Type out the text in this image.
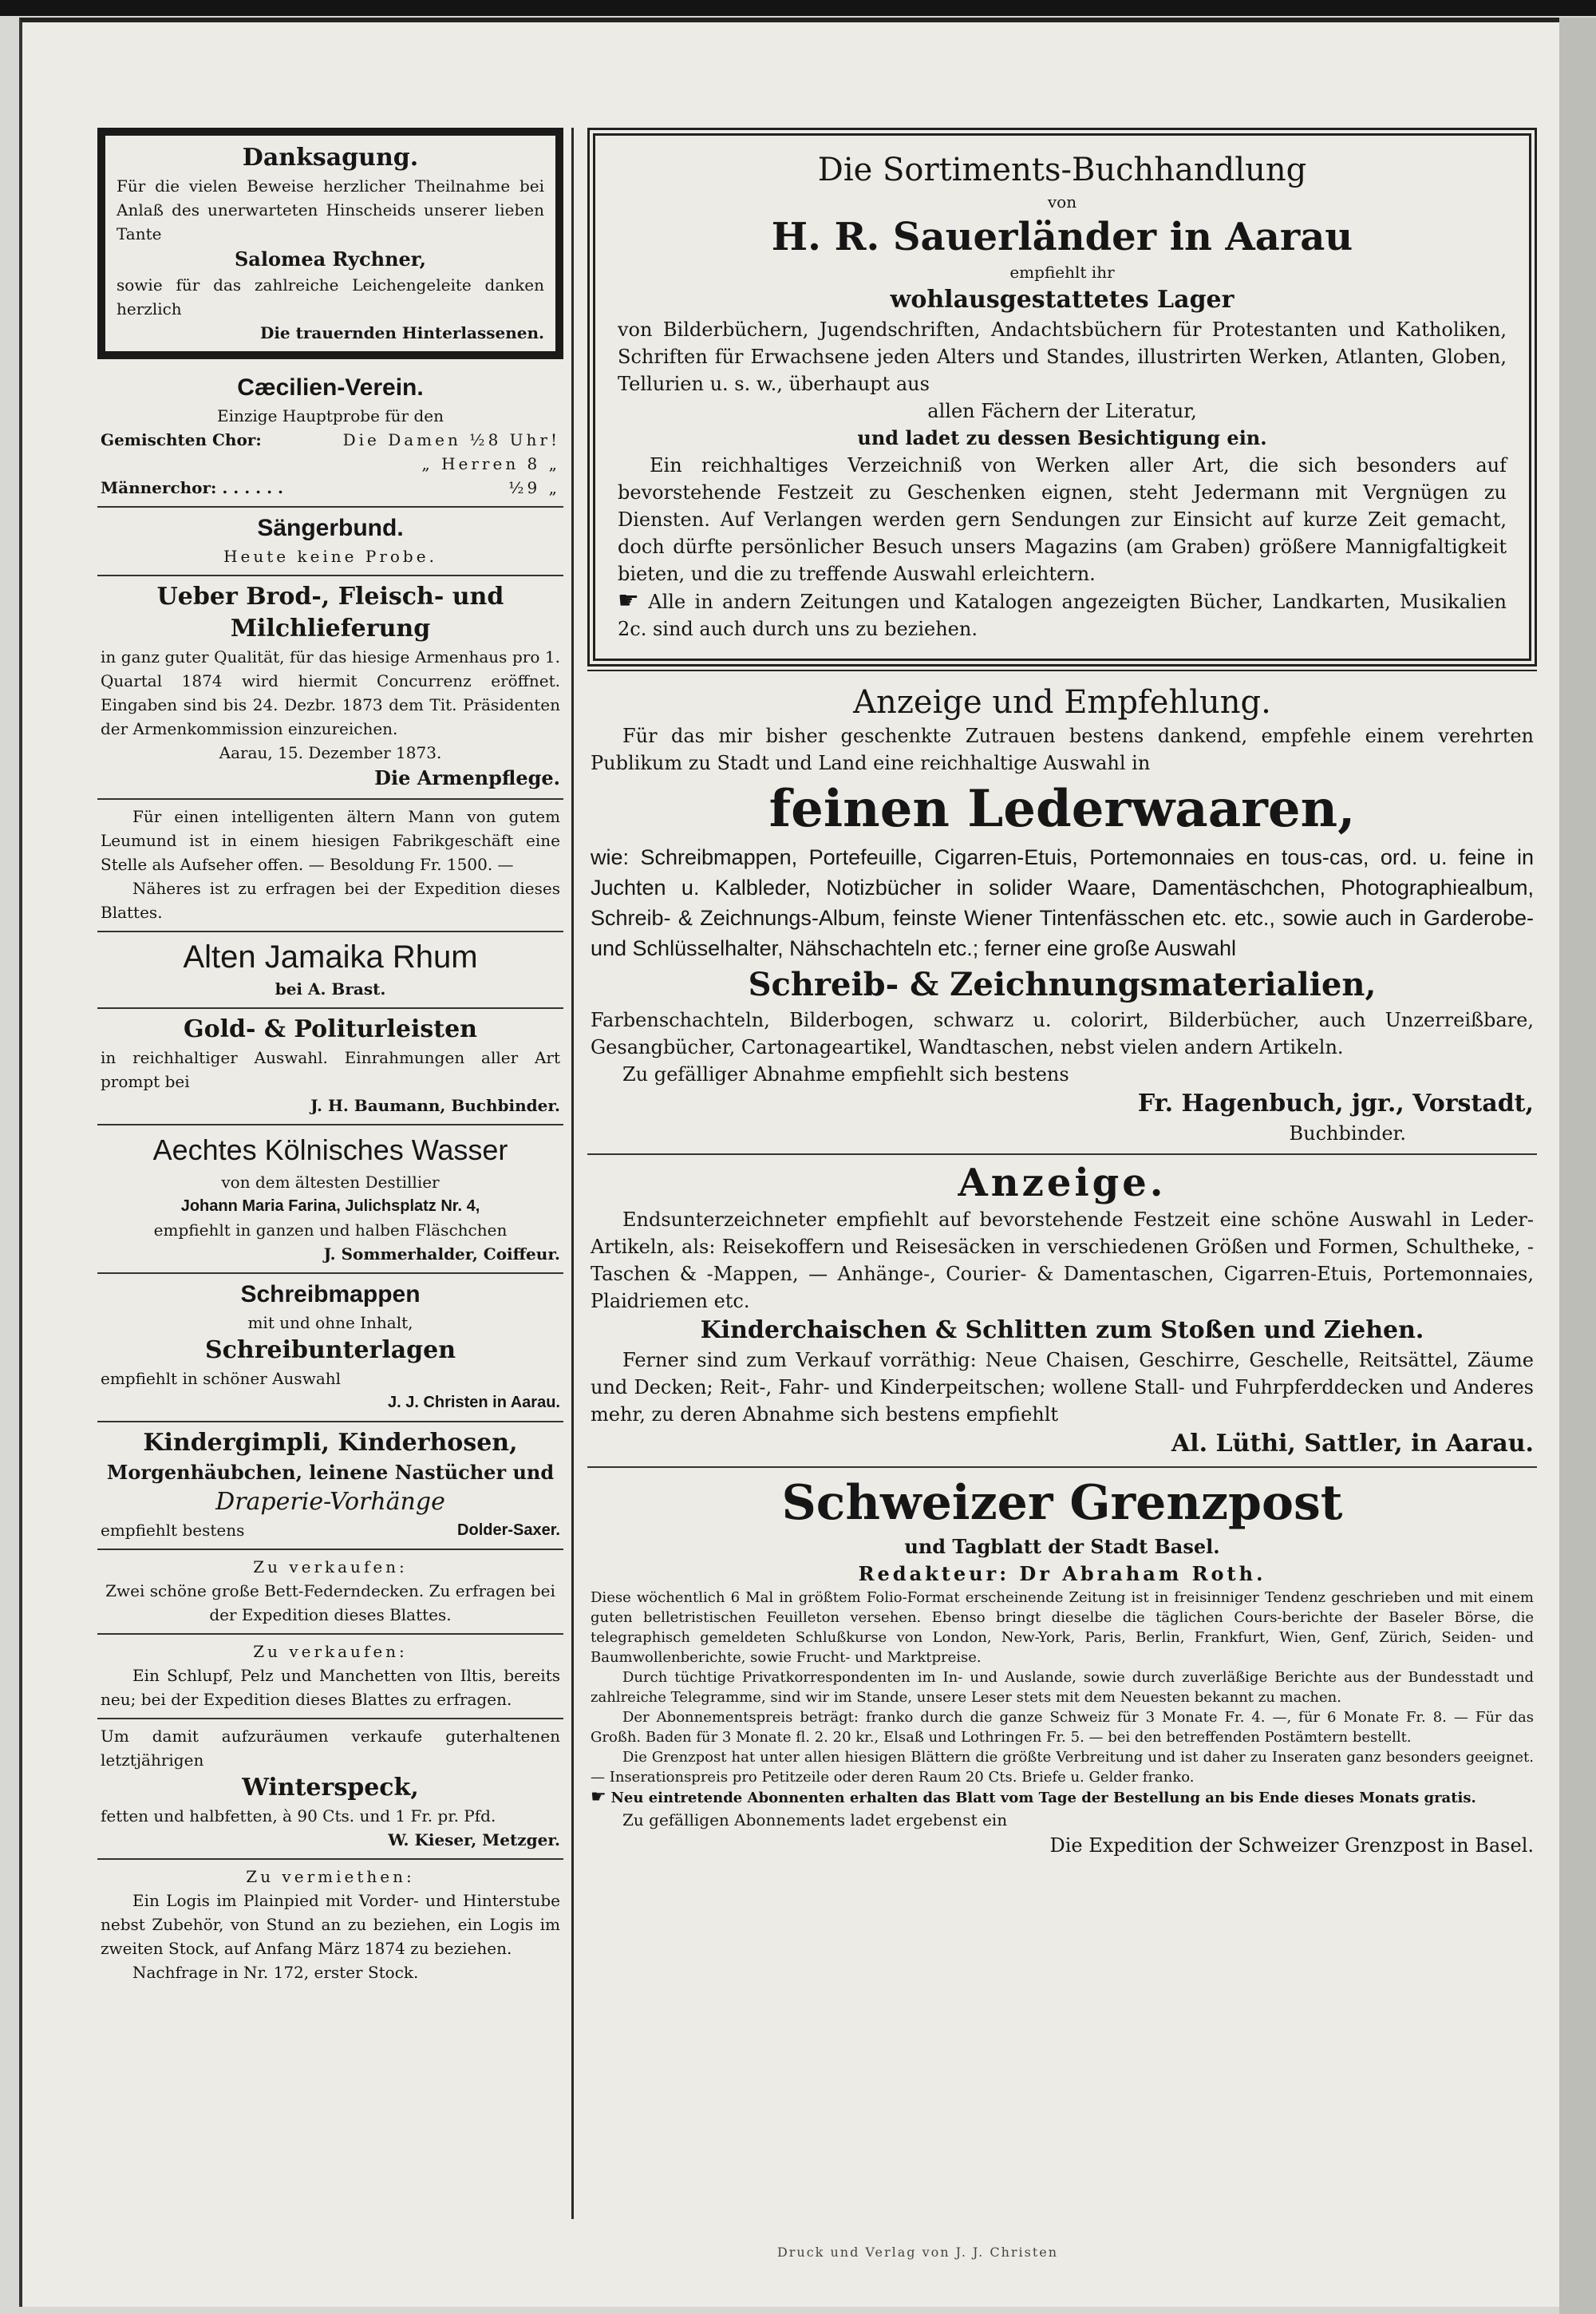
Danksagung.
Für die vielen Beweise herzlicher Theilnahme bei Anlaß des unerwarteten Hinscheids unserer lieben Tante
Salomea Rychner,
sowie für das zahlreiche Leichengeleite danken herzlich
Die trauernden Hinterlassenen.
Cæcilien-Verein.
Einzige Hauptprobe für den
Gemischten Chor:	Die Damen ½8 Uhr!
„ Herren 8 „
Männerchor: . . . . . .	½9 „
Sängerbund.
Heute keine Probe.
Ueber Brod-, Fleisch- und
Milchlieferung
in ganz guter Qualität, für das hiesige Armenhaus pro 1. Quartal 1874 wird hiermit Concurrenz eröffnet. Eingaben sind bis 24. Dezbr. 1873 dem Tit. Präsidenten der Armenkommission einzureichen.
Aarau, 15. Dezember 1873.
Die Armenpflege.
Für einen intelligenten ältern Mann von gutem Leumund ist in einem hiesigen Fabrikgeschäft eine Stelle als Aufseher offen. — Besoldung Fr. 1500. —
Näheres ist zu erfragen bei der Expedition dieses Blattes.
Alten Jamaika Rhum
bei A. Brast.
Gold- & Politurleisten
in reichhaltiger Auswahl. Einrahmungen aller Art prompt bei
J. H. Baumann, Buchbinder.
Aechtes Kölnisches Wasser
von dem ältesten Destillier
Johann Maria Farina, Julichsplatz Nr. 4,
empfiehlt in ganzen und halben Fläschchen
J. Sommerhalder, Coiffeur.
Schreibmappen
mit und ohne Inhalt,
Schreibunterlagen
empfiehlt in schöner Auswahl
J. J. Christen in Aarau.
Kindergimpli, Kinderhosen,
Morgenhäubchen, leinene Nastücher und
Draperie-Vorhänge
empfiehlt bestens	Dolder-Saxer.
Zu verkaufen:
Zwei schöne große Bett-Federndecken. Zu erfragen bei der Expedition dieses Blattes.
Zu verkaufen:
Ein Schlupf, Pelz und Manchetten von Iltis, bereits neu; bei der Expedition dieses Blattes zu erfragen.
Um damit aufzuräumen verkaufe guterhaltenen letztjährigen
Winterspeck,
fetten und halbfetten, à 90 Cts. und 1 Fr. pr. Pfd.
W. Kieser, Metzger.
Zu vermiethen:
Ein Logis im Plainpied mit Vorder- und Hinterstube nebst Zubehör, von Stund an zu beziehen, ein Logis im zweiten Stock, auf Anfang März 1874 zu beziehen.
Nachfrage in Nr. 172, erster Stock.
Die Sortiments-Buchhandlung
von
H. R. Sauerländer in Aarau
empfiehlt ihr
wohlausgestattetes Lager
von Bilderbüchern, Jugendschriften, Andachtsbüchern für Protestanten und Katholiken, Schriften für Erwachsene jeden Alters und Standes, illustrirten Werken, Atlanten, Globen, Tellurien u. s. w., überhaupt aus
allen Fächern der Literatur,
und ladet zu dessen Besichtigung ein.
Ein reichhaltiges Verzeichniß von Werken aller Art, die sich besonders auf bevorstehende Festzeit zu Geschenken eignen, steht Jedermann mit Vergnügen zu Diensten. Auf Verlangen werden gern Sendungen zur Einsicht auf kurze Zeit gemacht, doch dürfte persönlicher Besuch unsers Magazins (am Graben) größere Mannigfaltigkeit bieten, und die zu treffende Auswahl erleichtern.
☛ Alle in andern Zeitungen und Katalogen angezeigten Bücher, Landkarten, Musikalien 2c. sind auch durch uns zu beziehen.
Anzeige und Empfehlung.
Für das mir bisher geschenkte Zutrauen bestens dankend, empfehle einem verehrten Publikum zu Stadt und Land eine reichhaltige Auswahl in
feinen Lederwaaren,
wie: Schreibmappen, Portefeuille, Cigarren-Etuis, Portemonnaies en tous-cas, ord. u. feine in Juchten u. Kalbleder, Notizbücher in solider Waare, Damentäschchen, Photographiealbum, Schreib- & Zeichnungs-Album, feinste Wiener Tintenfässchen etc. etc., sowie auch in Garderobe- und Schlüsselhalter, Nähschachteln etc.; ferner eine große Auswahl
Schreib- & Zeichnungsmaterialien,
Farbenschachteln, Bilderbogen, schwarz u. colorirt, Bilderbücher, auch Unzerreißbare, Gesangbücher, Cartonageartikel, Wandtaschen, nebst vielen andern Artikeln.
Zu gefälliger Abnahme empfiehlt sich bestens
Fr. Hagenbuch, jgr., Vorstadt,
Buchbinder.
Anzeige.
Endsunterzeichneter empfiehlt auf bevorstehende Festzeit eine schöne Auswahl in Leder-Artikeln, als: Reisekoffern und Reisesäcken in verschiedenen Größen und Formen, Schultheke, -Taschen & -Mappen, — Anhänge-, Courier- & Damentaschen, Cigarren-Etuis, Portemonnaies, Plaidriemen etc.
Kinderchaischen & Schlitten zum Stoßen und Ziehen.
Ferner sind zum Verkauf vorräthig: Neue Chaisen, Geschirre, Geschelle, Reitsättel, Zäume und Decken; Reit-, Fahr- und Kinderpeitschen; wollene Stall- und Fuhrpferddecken und Anderes mehr, zu deren Abnahme sich bestens empfiehlt
Al. Lüthi, Sattler, in Aarau.
Schweizer Grenzpost
und Tagblatt der Stadt Basel.
Redakteur: Dr Abraham Roth.
Diese wöchentlich 6 Mal in größtem Folio-Format erscheinende Zeitung ist in freisinniger Tendenz geschrieben und mit einem guten belletristischen Feuilleton versehen. Ebenso bringt dieselbe die täglichen Cours-berichte der Baseler Börse, die telegraphisch gemeldeten Schlußkurse von London, New-York, Paris, Berlin, Frankfurt, Wien, Genf, Zürich, Seiden- und Baumwollenberichte, sowie Frucht- und Marktpreise.
Durch tüchtige Privatkorrespondenten im In- und Auslande, sowie durch zuverläßige Berichte aus der Bundesstadt und zahlreiche Telegramme, sind wir im Stande, unsere Leser stets mit dem Neuesten bekannt zu machen.
Der Abonnementspreis beträgt: franko durch die ganze Schweiz für 3 Monate Fr. 4. —, für 6 Monate Fr. 8. — Für das Großh. Baden für 3 Monate fl. 2. 20 kr., Elsaß und Lothringen Fr. 5. — bei den betreffenden Postämtern bestellt.
Die Grenzpost hat unter allen hiesigen Blättern die größte Verbreitung und ist daher zu Inseraten ganz besonders geeignet. — Inserationspreis pro Petitzeile oder deren Raum 20 Cts. Briefe u. Gelder franko.
☛ Neu eintretende Abonnenten erhalten das Blatt vom Tage der Bestellung an bis Ende dieses Monats gratis.
Zu gefälligen Abonnements ladet ergebenst ein
Die Expedition der Schweizer Grenzpost in Basel.
Druck und Verlag von J. J. Christen
